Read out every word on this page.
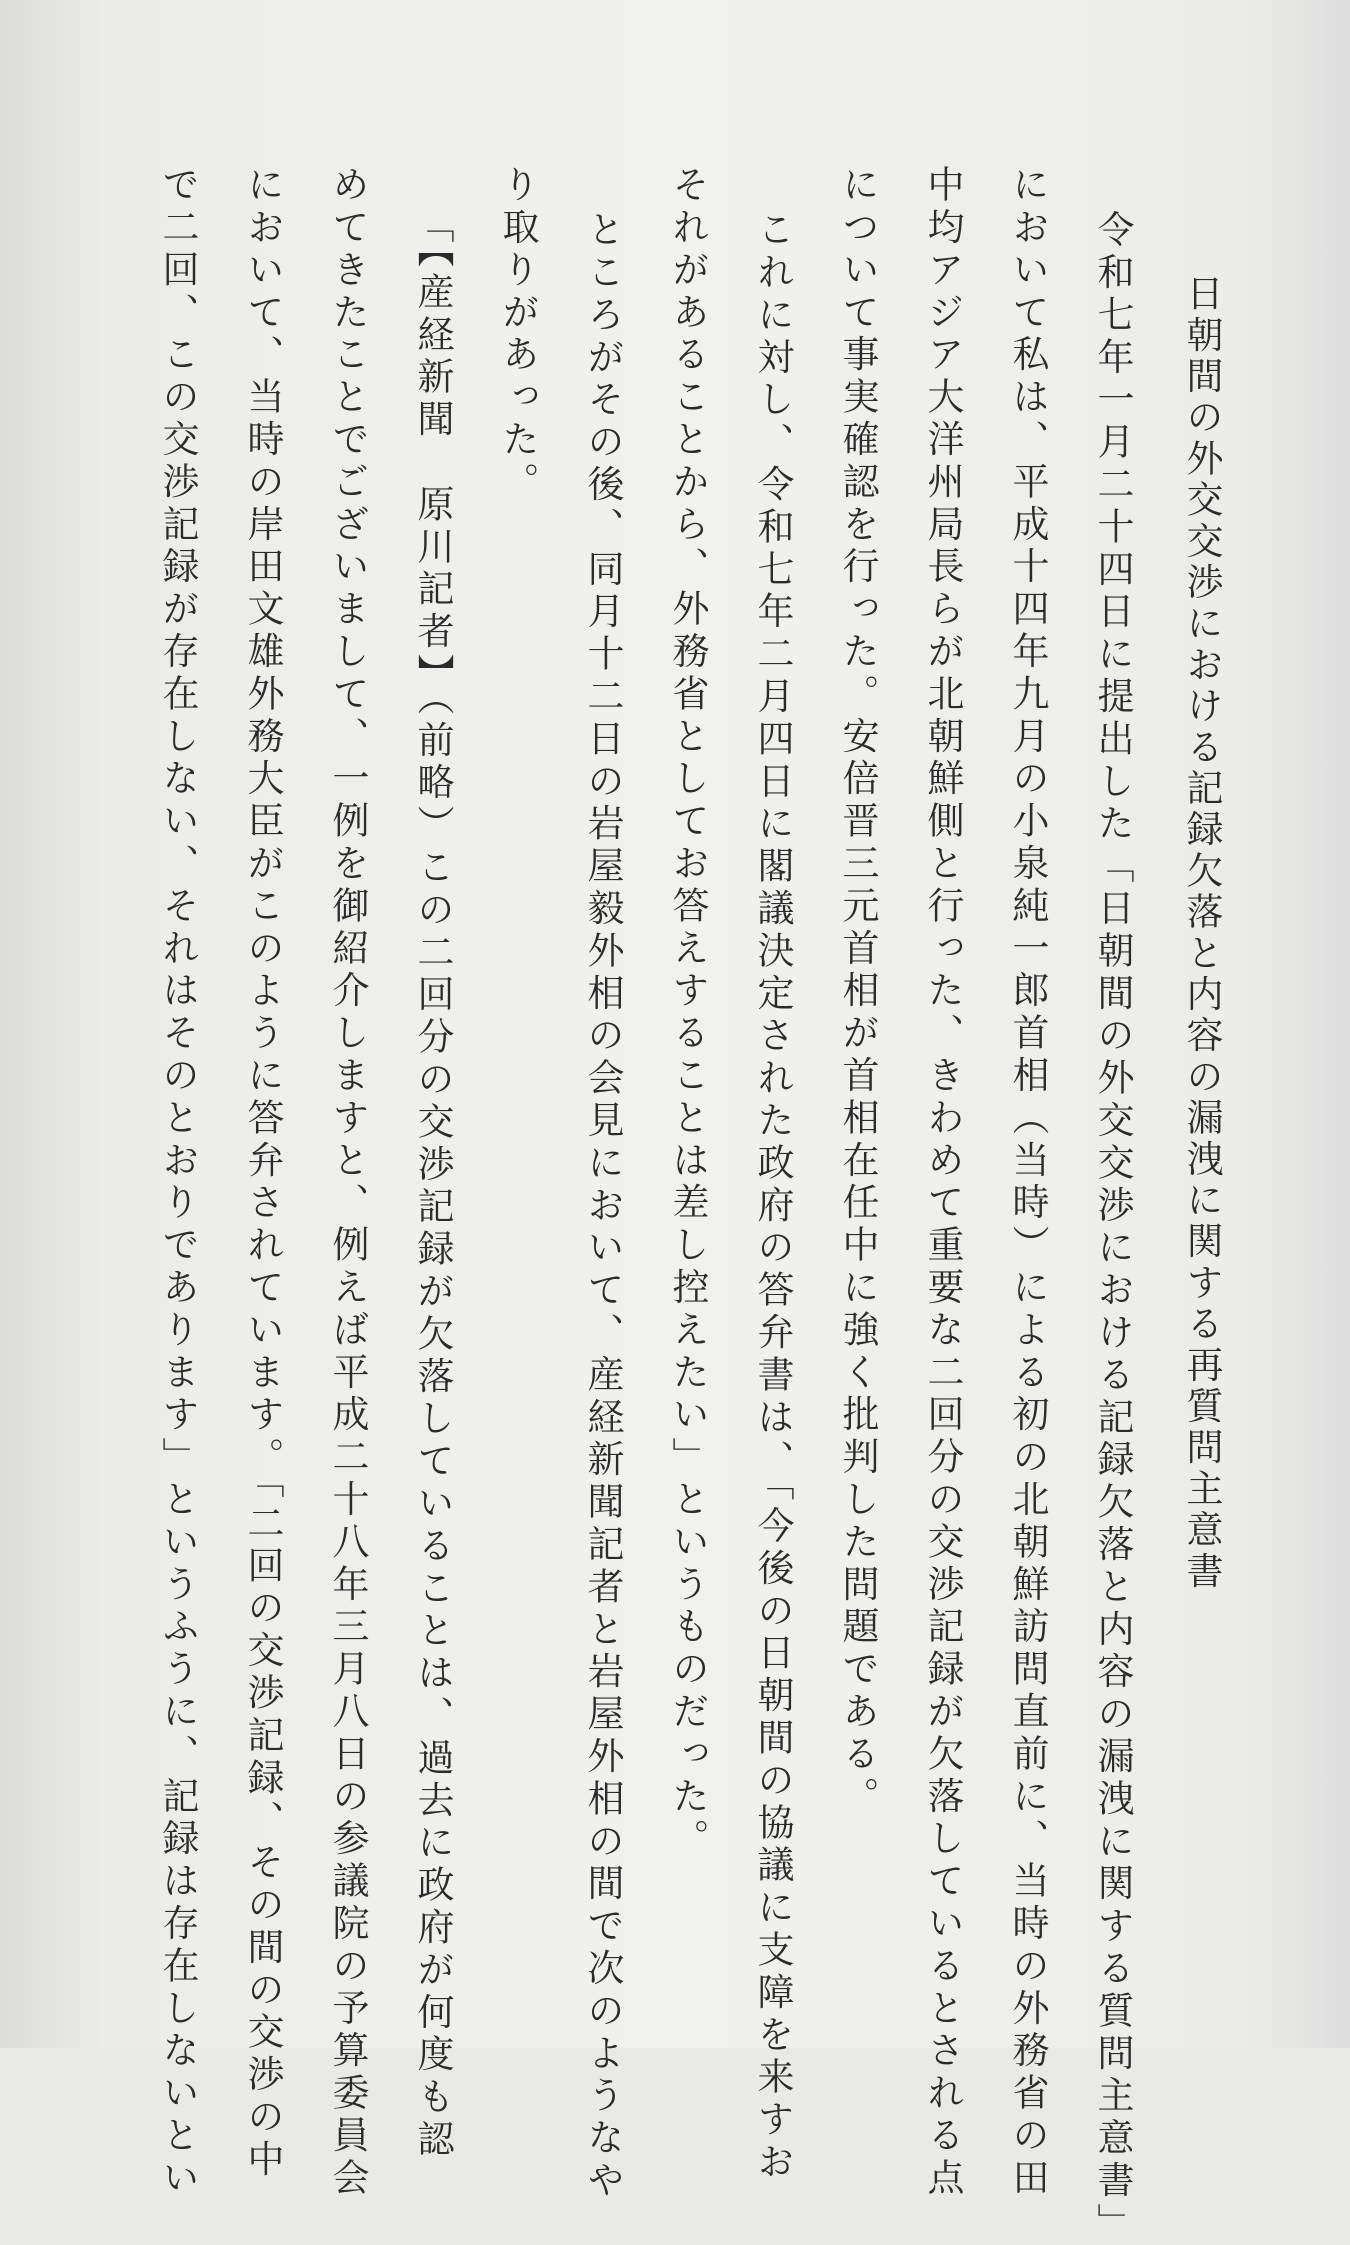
日朝間の外交交渉における記録欠落と内容の漏洩に関する再質問主意書
令和七年一月二十四日に提出した「日朝間の外交交渉における記録欠落と内容の漏洩に関する質問主意書」
において私は、平成十四年九月の小泉純一郎首相（当時）による初の北朝鮮訪問直前に、当時の外務省の田
中均アジア大洋州局長らが北朝鮮側と行った、きわめて重要な二回分の交渉記録が欠落しているとされる点
について事実確認を行った。安倍晋三元首相が首相在任中に強く批判した問題である。
これに対し、令和七年二月四日に閣議決定された政府の答弁書は、「今後の日朝間の協議に支障を来すお
それがあることから、外務省としてお答えすることは差し控えたい」というものだった。
ところがその後、同月十二日の岩屋毅外相の会見において、産経新聞記者と岩屋外相の間で次のようなや
り取りがあった。
「【産経新聞　原川記者】（前略）この二回分の交渉記録が欠落していることは、過去に政府が何度も認
めてきたことでございまして、一例を御紹介しますと、例えば平成二十八年三月八日の参議院の予算委員会
において、当時の岸田文雄外務大臣がこのように答弁されています。「二回の交渉記録、その間の交渉の中
で二回、この交渉記録が存在しない、それはそのとおりであります」というふうに、記録は存在しないとい
